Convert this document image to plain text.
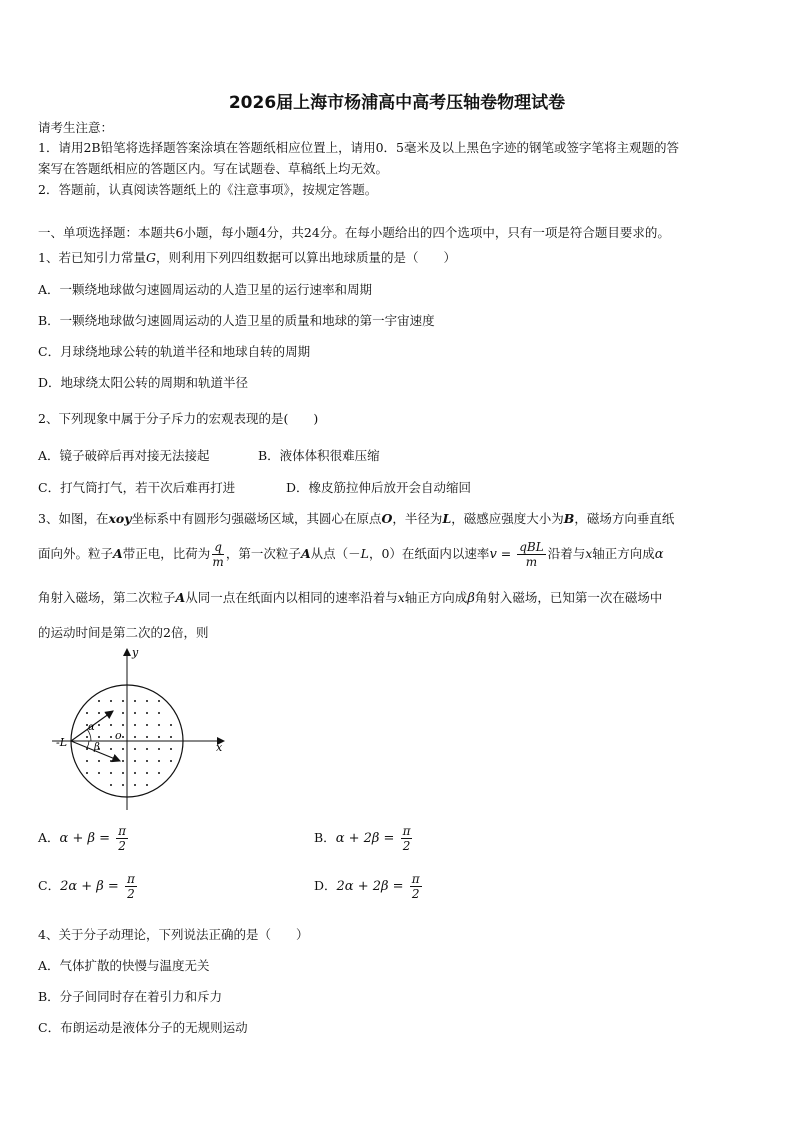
2026届上海市杨浦高中高考压轴卷物理试卷
请考生注意：
1．请用2B铅笔将选择题答案涂填在答题纸相应位置上，请用0．5毫米及以上黑色字迹的钢笔或签字笔将主观题的答
案写在答题纸相应的答题区内。写在试题卷、草稿纸上均无效。
2．答题前，认真阅读答题纸上的《注意事项》，按规定答题。
一、单项选择题：本题共6小题，每小题4分，共24分。在每小题给出的四个选项中，只有一项是符合题目要求的。
1、若已知引力常量G，则利用下列四组数据可以算出地球质量的是（　　）
A．一颗绕地球做匀速圆周运动的人造卫星的运行速率和周期
B．一颗绕地球做匀速圆周运动的人造卫星的质量和地球的第一宇宙速度
C．月球绕地球公转的轨道半径和地球自转的周期
D．地球绕太阳公转的周期和轨道半径
2、下列现象中属于分子斥力的宏观表现的是(　　)
A．镜子破碎后再对接无法接起	B．液体体积很难压缩
C．打气筒打气，若干次后难再打进	D．橡皮筋拉伸后放开会自动缩回
3、如图，在xoy坐标系中有圆形匀强磁场区域，其圆心在原点O，半径为L，磁感应强度大小为B，磁场方向垂直纸
面向外。粒子A带正电，比荷为 $\frac{q}{m}$ ，第一次粒子A从点（－L，0）在纸面内以速率$v = \frac{\text{qBL}}{m}$ 沿着与x轴正方向成α
角射入磁场，第二次粒子A从同一点在纸面内以相同的速率沿着与x轴正方向成β角射入磁场，已知第一次在磁场中
的运动时间是第二次的2倍，则
y
x
o
-L
α
β
A．$\alpha + \beta = \frac{\pi}{2}$	B．$\alpha + 2\beta = \frac{\pi}{2}$
C．$2\alpha + \beta = \frac{\pi}{2}$	D．$2\alpha + 2\beta = \frac{\pi}{2}$
4、关于分子动理论，下列说法正确的是（　　）
A．气体扩散的快慢与温度无关
B．分子间同时存在着引力和斥力
C．布朗运动是液体分子的无规则运动
